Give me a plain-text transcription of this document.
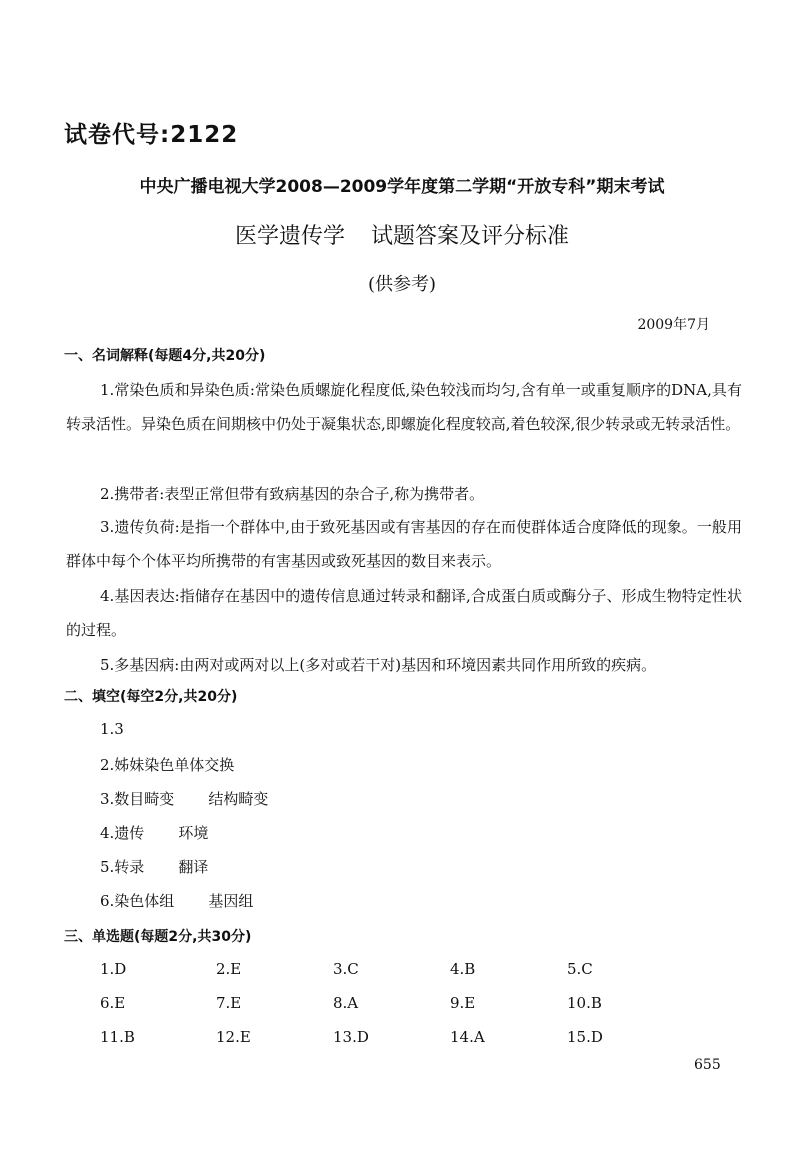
试卷代号:2122
中央广播电视大学2008—2009学年度第二学期“开放专科”期末考试
医学遗传学 试题答案及评分标准
(供参考)
2009年7月
一、名词解释(每题4分,共20分)

1.常染色质和异染色质:常染色质螺旋化程度低,染色较浅而均匀,含有单一或重复顺序的DNA,具有转录活性。异染色质在间期核中仍处于凝集状态,即螺旋化程度较高,着色较深,很少转录或无转录活性。

2.携带者:表型正常但带有致病基因的杂合子,称为携带者。

3.遗传负荷:是指一个群体中,由于致死基因或有害基因的存在而使群体适合度降低的现象。一般用群体中每个个体平均所携带的有害基因或致死基因的数目来表示。

4.基因表达:指储存在基因中的遗传信息通过转录和翻译,合成蛋白质或酶分子、形成生物特定性状的过程。

5.多基因病:由两对或两对以上(多对或若干对)基因和环境因素共同作用所致的疾病。

二、填空(每空2分,共20分)
1.3
2.姊妹染色单体交换
3.数目畸变 结构畸变
4.遗传 环境
5.转录 翻译
6.染色体组 基因组
三、单选题(每题2分,共30分)
1.D	2.E	3.C	4.B	5.C
6.E	7.E	8.A	9.E	10.B
11.B	12.E	13.D	14.A	15.D
655
